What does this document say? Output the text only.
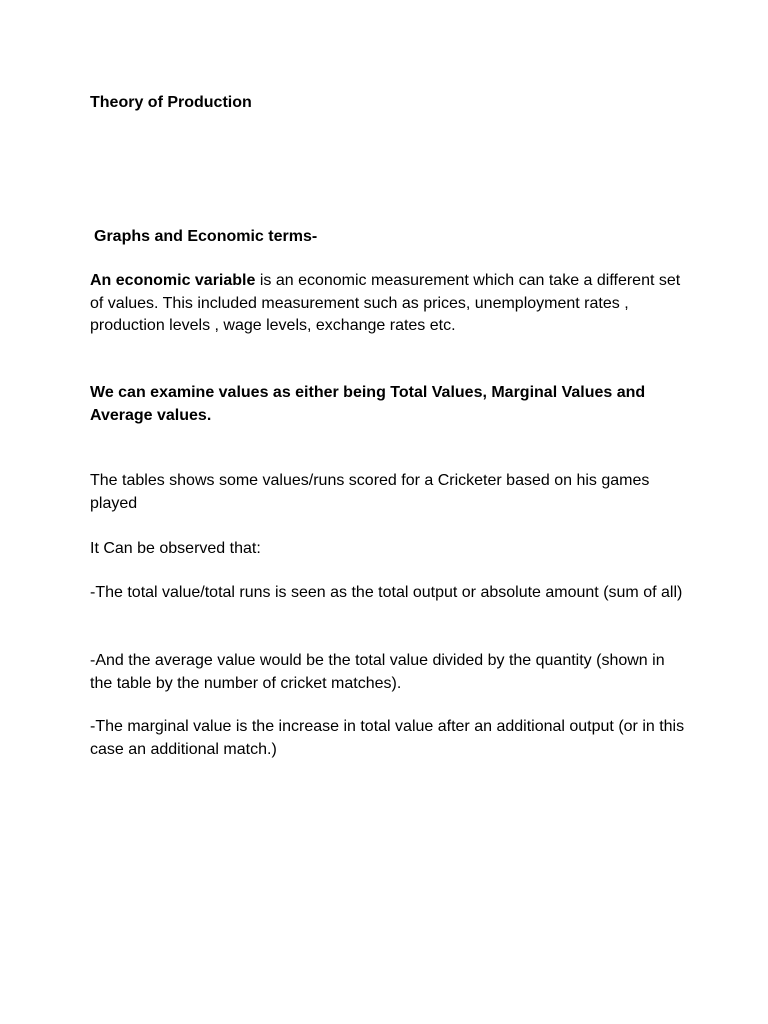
Theory of Production

Graphs and Economic terms-

An economic variable is an economic measurement which can take a different set of values. This included measurement such as prices, unemployment rates , production levels , wage levels, exchange rates etc.

We can examine values as either being Total Values, Marginal Values and Average values.

The tables shows some values/runs scored for a Cricketer based on his games played

It Can be observed that:

-The total value/total runs is seen as the total output or absolute amount (sum of all)

-And the average value would be the total value divided by the quantity (shown in the table by the number of cricket matches).

-The marginal value is the increase in total value after an additional output (or in this case an additional match.)
